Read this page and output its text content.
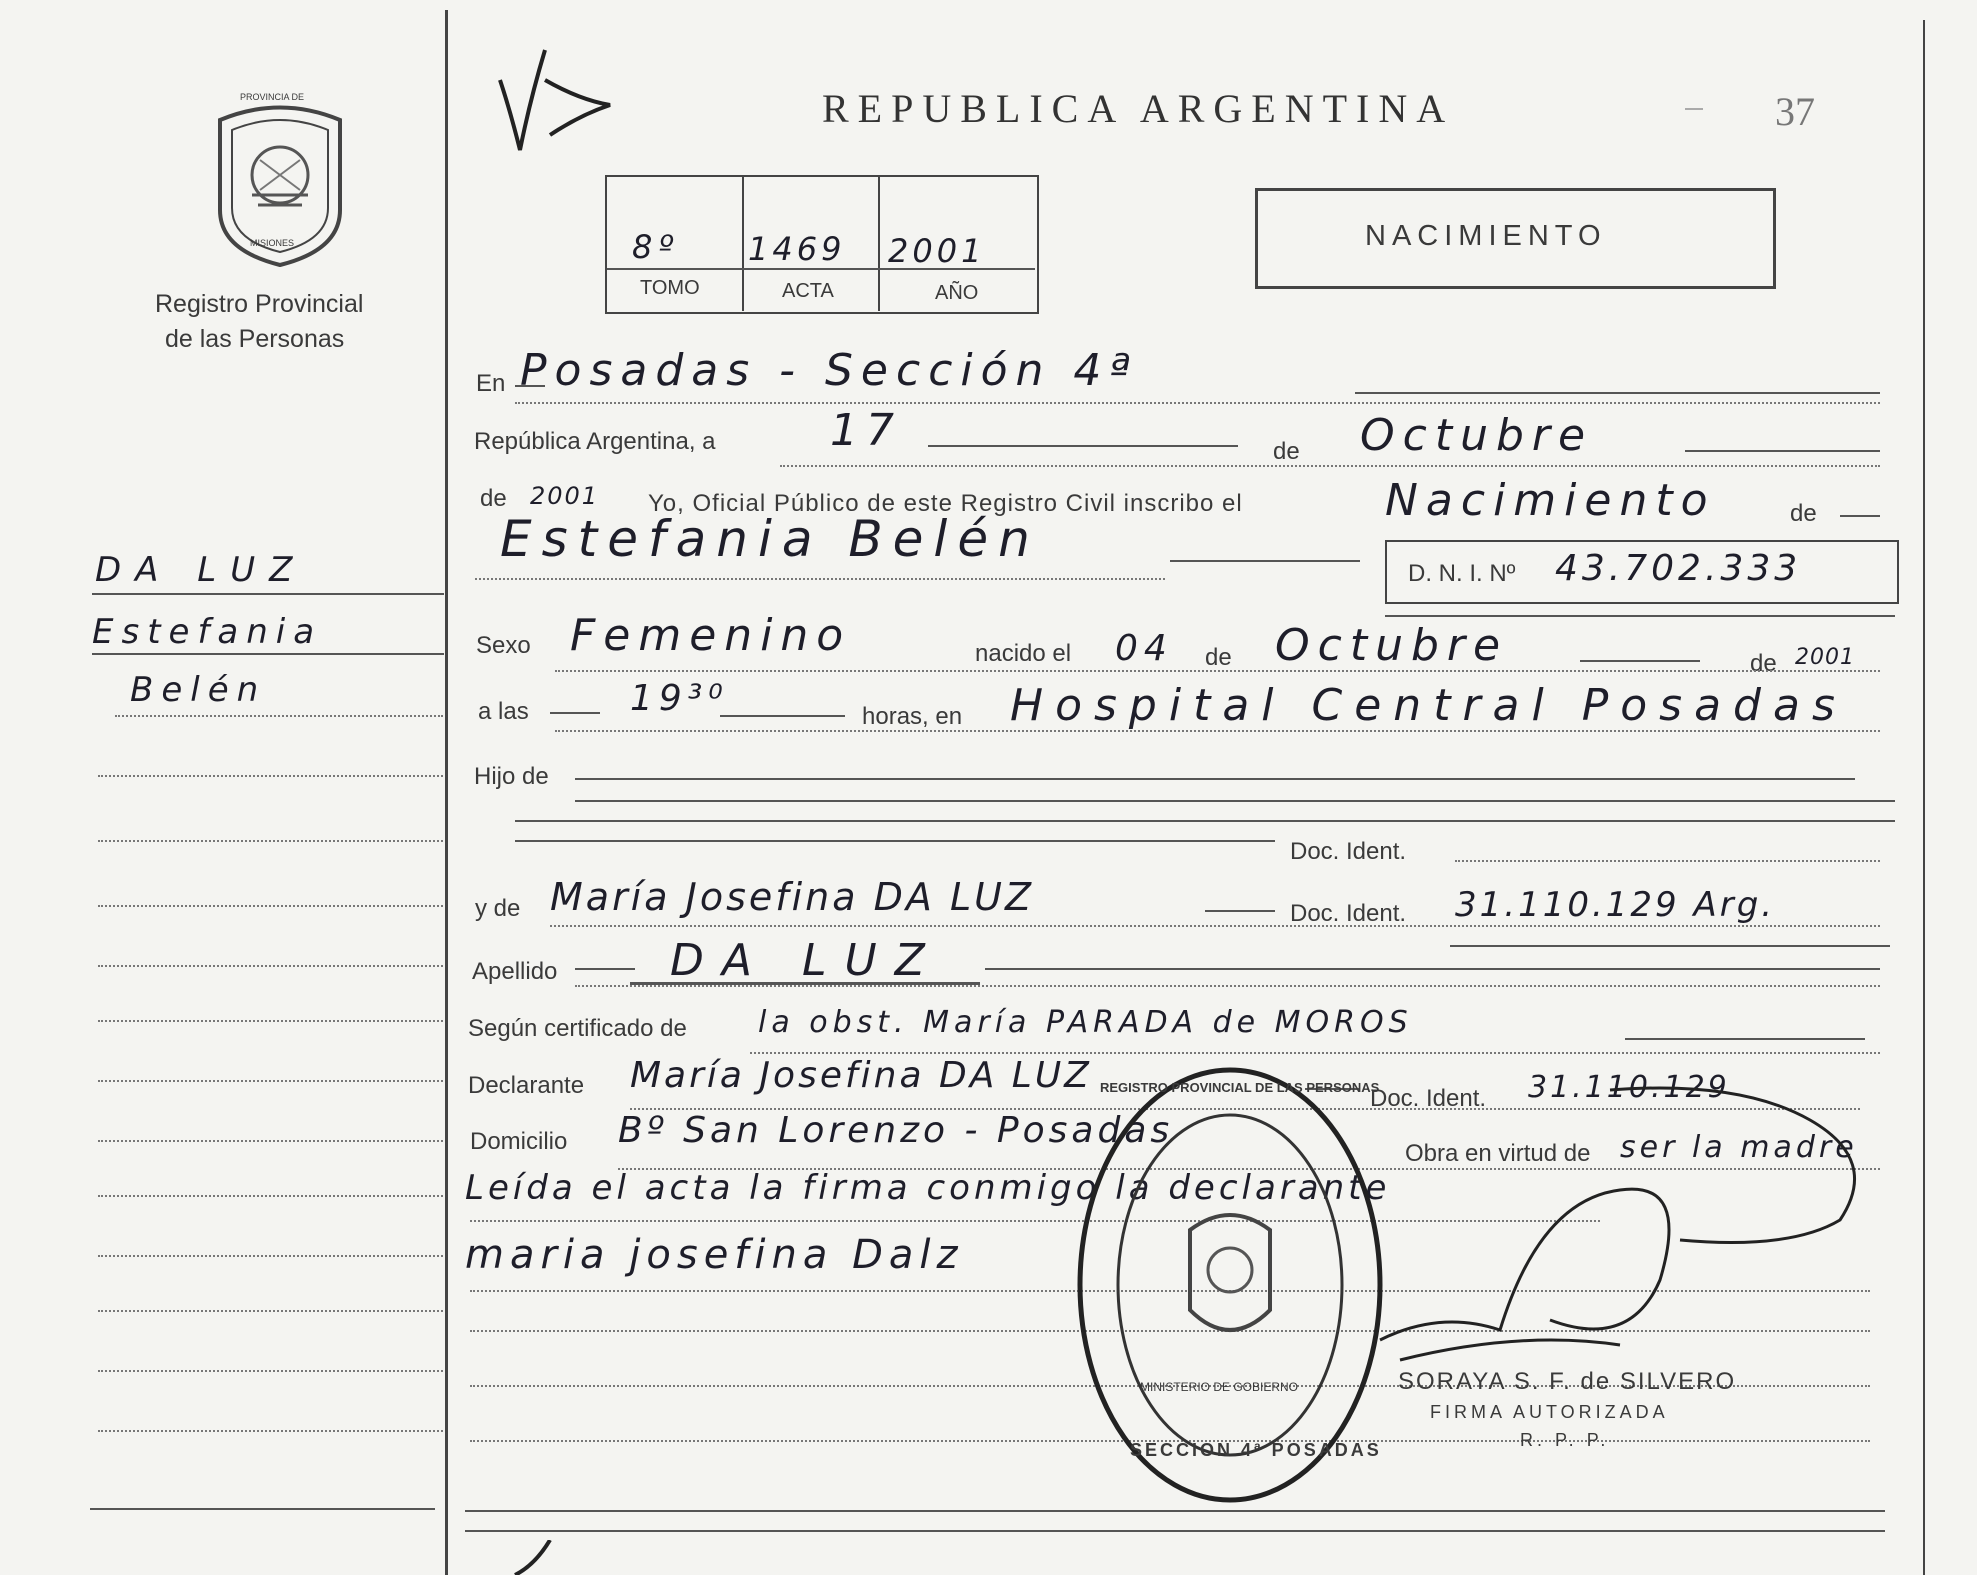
PROVINCIA DE
MISIONES
Registro Provincial
de las Personas
REPUBLICA ARGENTINA	37
8º 1469 2001
TOMO	ACTA	AÑO
NACIMIENTO
DA LUZ
Estefania
Belén
En Posadas - Sección 4ª
República Argentina, a	17	de Octubre
de 2001 Yo, Oficial Público de este Registro Civil inscribo el	Nacimiento	de
Estefania Belén
D. N. I. Nº 43.702.333
Sexo Femenino	nacido el 04 de Octubre	de 2001
a las	19³⁰	horas, en Hospital Central Posadas
Hijo de
Doc. Ident.
y de María Josefina DA LUZ	Doc. Ident. 31.110.129 Arg.
Apellido	DA LUZ
Según certificado de la obst. María PARADA de MOROS
Declarante María Josefina DA LUZ
Doc. Ident. 31.110.129
Domicilio Bº San Lorenzo - Posadas
Obra en virtud de ser la madre
Leída el acta la firma conmigo la declarante
maria josefina Dalz
REGISTRO PROVINCIAL DE LAS PERSONAS
MINISTERIO DE GOBIERNO
SECCION 4ª POSADAS
SORAYA S. F. de SILVERO
FIRMA AUTORIZADA
R. P. P.
